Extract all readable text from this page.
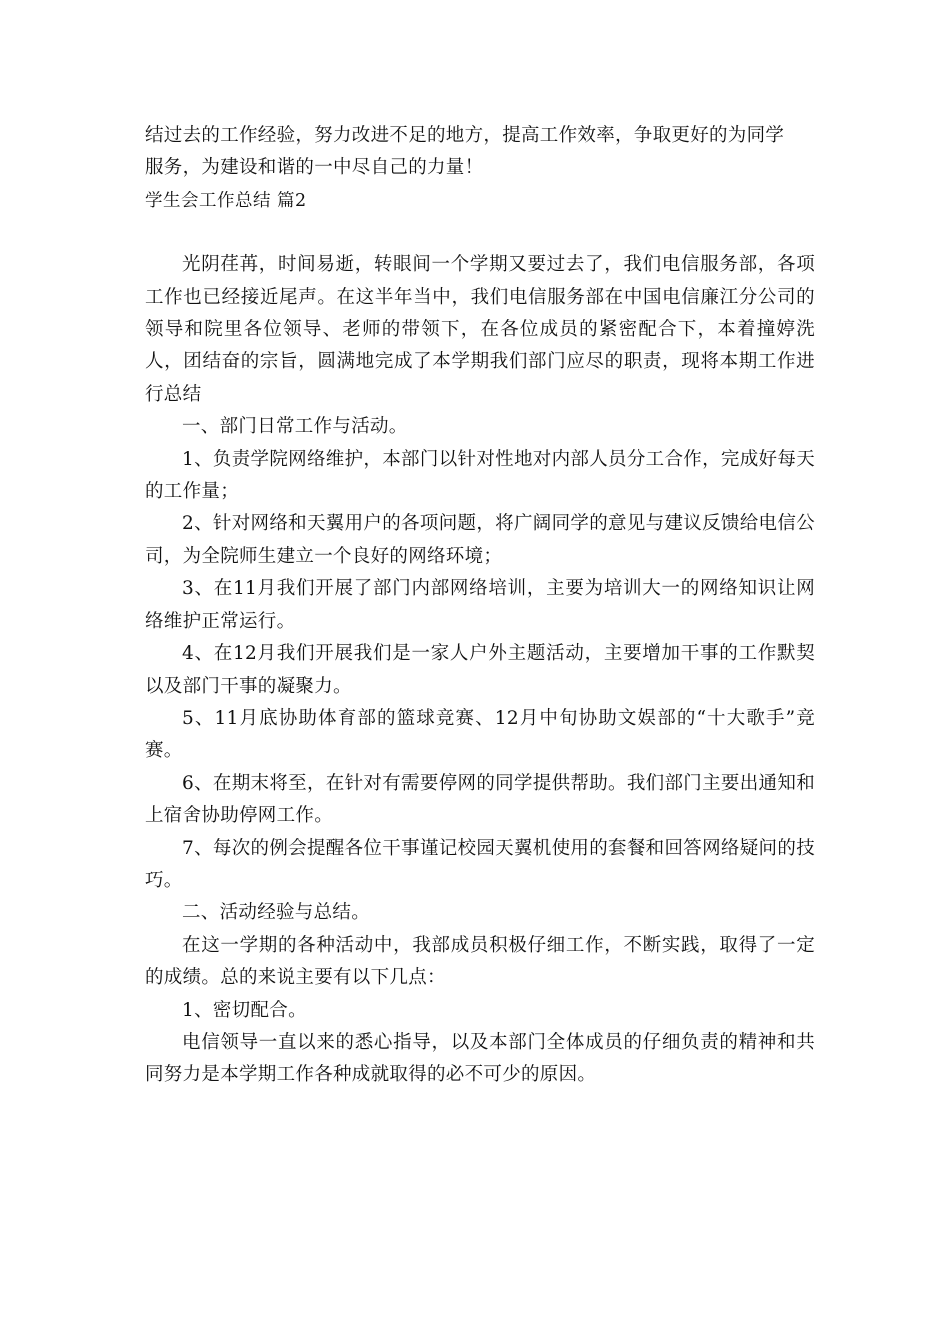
结过去的工作经验，努力改进不足的地方，提高工作效率，争取更好的为同学

服务，为建设和谐的一中尽自己的力量！

学生会工作总结 篇2

光阴荏苒，时间易逝，转眼间一个学期又要过去了，我们电信服务部，各项工作也已经接近尾声。在这半年当中，我们电信服务部在中国电信廉江分公司的领导和院里各位领导、老师的带领下，在各位成员的紧密配合下，本着撞婷洗人，团结奋的宗旨，圆满地完成了本学期我们部门应尽的职责，现将本期工作进行总结

一、部门日常工作与活动。

1、负责学院网络维护，本部门以针对性地对内部人员分工合作，完成好每天的工作量；

2、针对网络和天翼用户的各项问题，将广阔同学的意见与建议反馈给电信公司，为全院师生建立一个良好的网络环境；

3、在11月我们开展了部门内部网络培训，主要为培训大一的网络知识让网络维护正常运行。

4、在12月我们开展我们是一家人户外主题活动，主要增加干事的工作默契以及部门干事的凝聚力。

5、11月底协助体育部的篮球竞赛、12月中旬协助文娱部的“十大歌手”竞赛。

6、在期末将至，在针对有需要停网的同学提供帮助。我们部门主要出通知和上宿舍协助停网工作。

7、每次的例会提醒各位干事谨记校园天翼机使用的套餐和回答网络疑问的技巧。

二、活动经验与总结。

在这一学期的各种活动中，我部成员积极仔细工作，不断实践，取得了一定的成绩。总的来说主要有以下几点：

1、密切配合。

电信领导一直以来的悉心指导，以及本部门全体成员的仔细负责的精神和共同努力是本学期工作各种成就取得的必不可少的原因。
